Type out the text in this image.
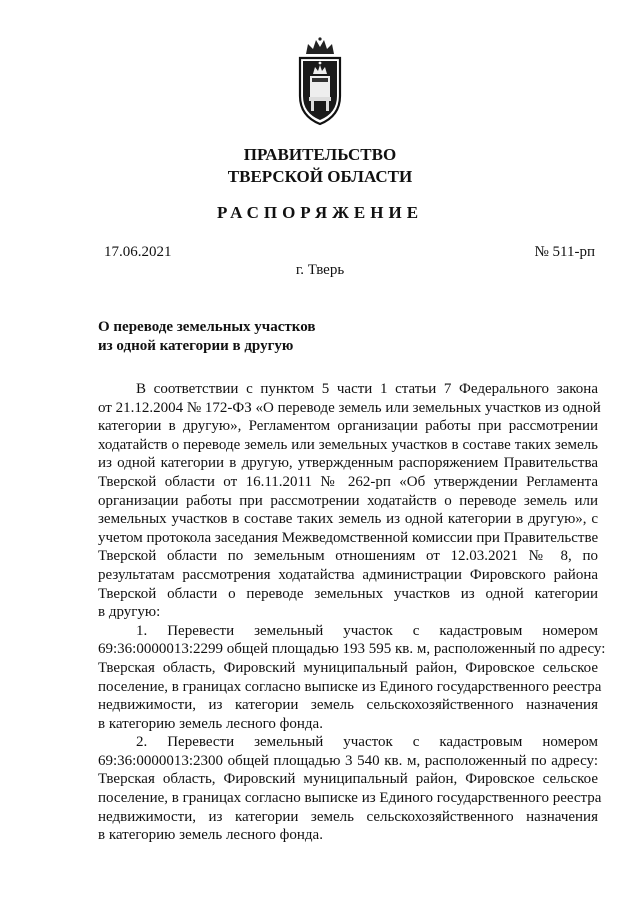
ПРАВИТЕЛЬСТВО
ТВЕРСКОЙ ОБЛАСТИ
РАСПОРЯЖЕНИЕ
17.06.2021	№ 511-рп
г. Тверь
О переводе земельных участков
из одной категории в другую
В соответствии с пунктом 5 части 1 статьи 7 Федерального закона
от 21.12.2004 № 172-ФЗ «О переводе земель или земельных участков из одной
категории в другую», Регламентом организации работы при рассмотрении
ходатайств о переводе земель или земельных участков в составе таких земель
из одной категории в другую, утвержденным распоряжением Правительства
Тверской области от 16.11.2011 № 262-рп «Об утверждении Регламента
организации работы при рассмотрении ходатайств о переводе земель или
земельных участков в составе таких земель из одной категории в другую», с
учетом протокола заседания Межведомственной комиссии при Правительстве
Тверской области по земельным отношениям от 12.03.2021 № 8, по
результатам рассмотрения ходатайства администрации Фировского района
Тверской области о переводе земельных участков из одной категории
в другую:
1. Перевести земельный участок с кадастровым номером
69:36:0000013:2299 общей площадью 193 595 кв. м, расположенный по адресу:
Тверская область, Фировский муниципальный район, Фировское сельское
поселение, в границах согласно выписке из Единого государственного реестра
недвижимости, из категории земель сельскохозяйственного назначения
в категорию земель лесного фонда.
2. Перевести земельный участок с кадастровым номером
69:36:0000013:2300 общей площадью 3 540 кв. м, расположенный по адресу:
Тверская область, Фировский муниципальный район, Фировское сельское
поселение, в границах согласно выписке из Единого государственного реестра
недвижимости, из категории земель сельскохозяйственного назначения
в категорию земель лесного фонда.
